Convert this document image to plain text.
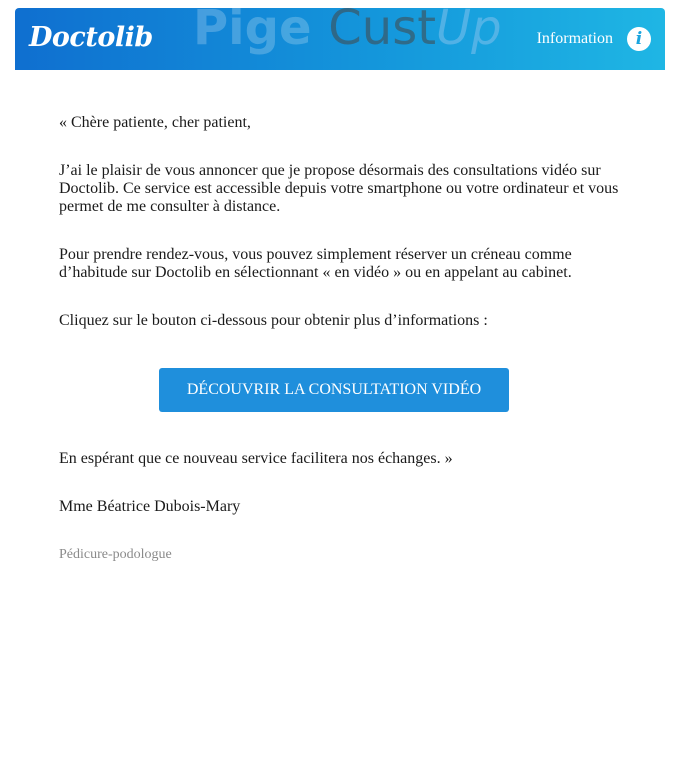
Doctolib Pige CustUp Information	i

« Chère patiente, cher patient,

J’ai le plaisir de vous annoncer que je propose désormais des consultations vidéo sur Doctolib. Ce service est accessible depuis votre smartphone ou votre ordinateur et vous permet de me consulter à distance.

Pour prendre rendez-vous, vous pouvez simplement réserver un créneau comme d’habitude sur Doctolib en sélectionnant « en vidéo » ou en appelant au cabinet.

Cliquez sur le bouton ci-dessous pour obtenir plus d’informations :

DÉCOUVRIR LA CONSULTATION VIDÉO

En espérant que ce nouveau service facilitera nos échanges. »

Mme Béatrice Dubois-Mary

Pédicure-podologue
